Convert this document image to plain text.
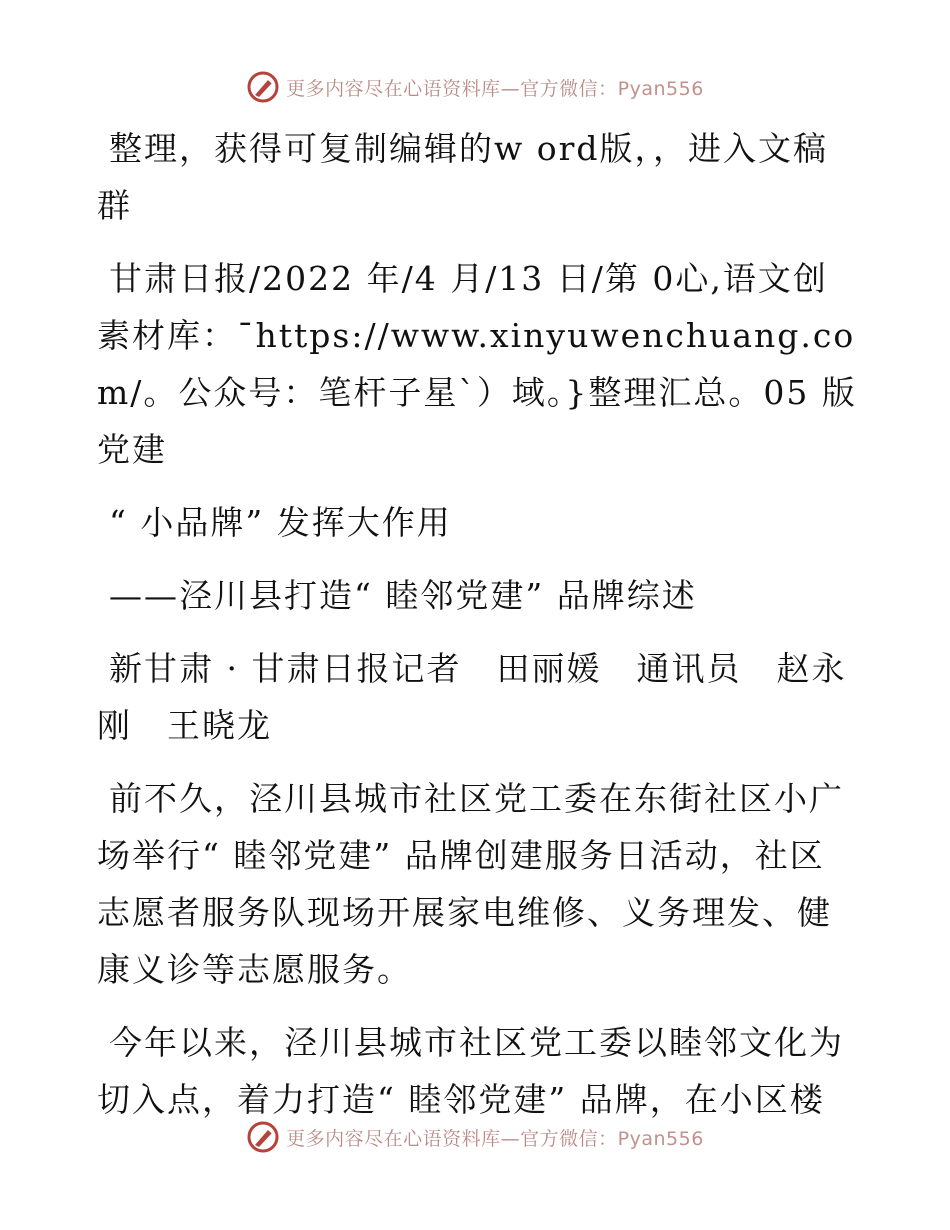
更多内容尽在心语资料库—官方微信：Pyan556

整理，获得可复制编辑的w ord版，，进入文稿群

甘肃日报/2022 年/4 月/13 日/第 0心,语文创素材库：¯https://www.xinyuwenchuang.com/。公众号：笔杆子星`）域。}整理汇总。05 版党建

“ 小品牌” 发挥大作用

——泾川县打造“ 睦邻党建” 品牌综述

新甘肃 · 甘肃日报记者　田丽媛　通讯员　赵永刚　王晓龙

前不久，泾川县城市社区党工委在东街社区小广场举行“ 睦邻党建” 品牌创建服务日活动，社区志愿者服务队现场开展家电维修、义务理发、健康义诊等志愿服务。

今年以来，泾川县城市社区党工委以睦邻文化为切入点，着力打造“ 睦邻党建” 品牌，在小区楼

更多内容尽在心语资料库—官方微信：Pyan556
